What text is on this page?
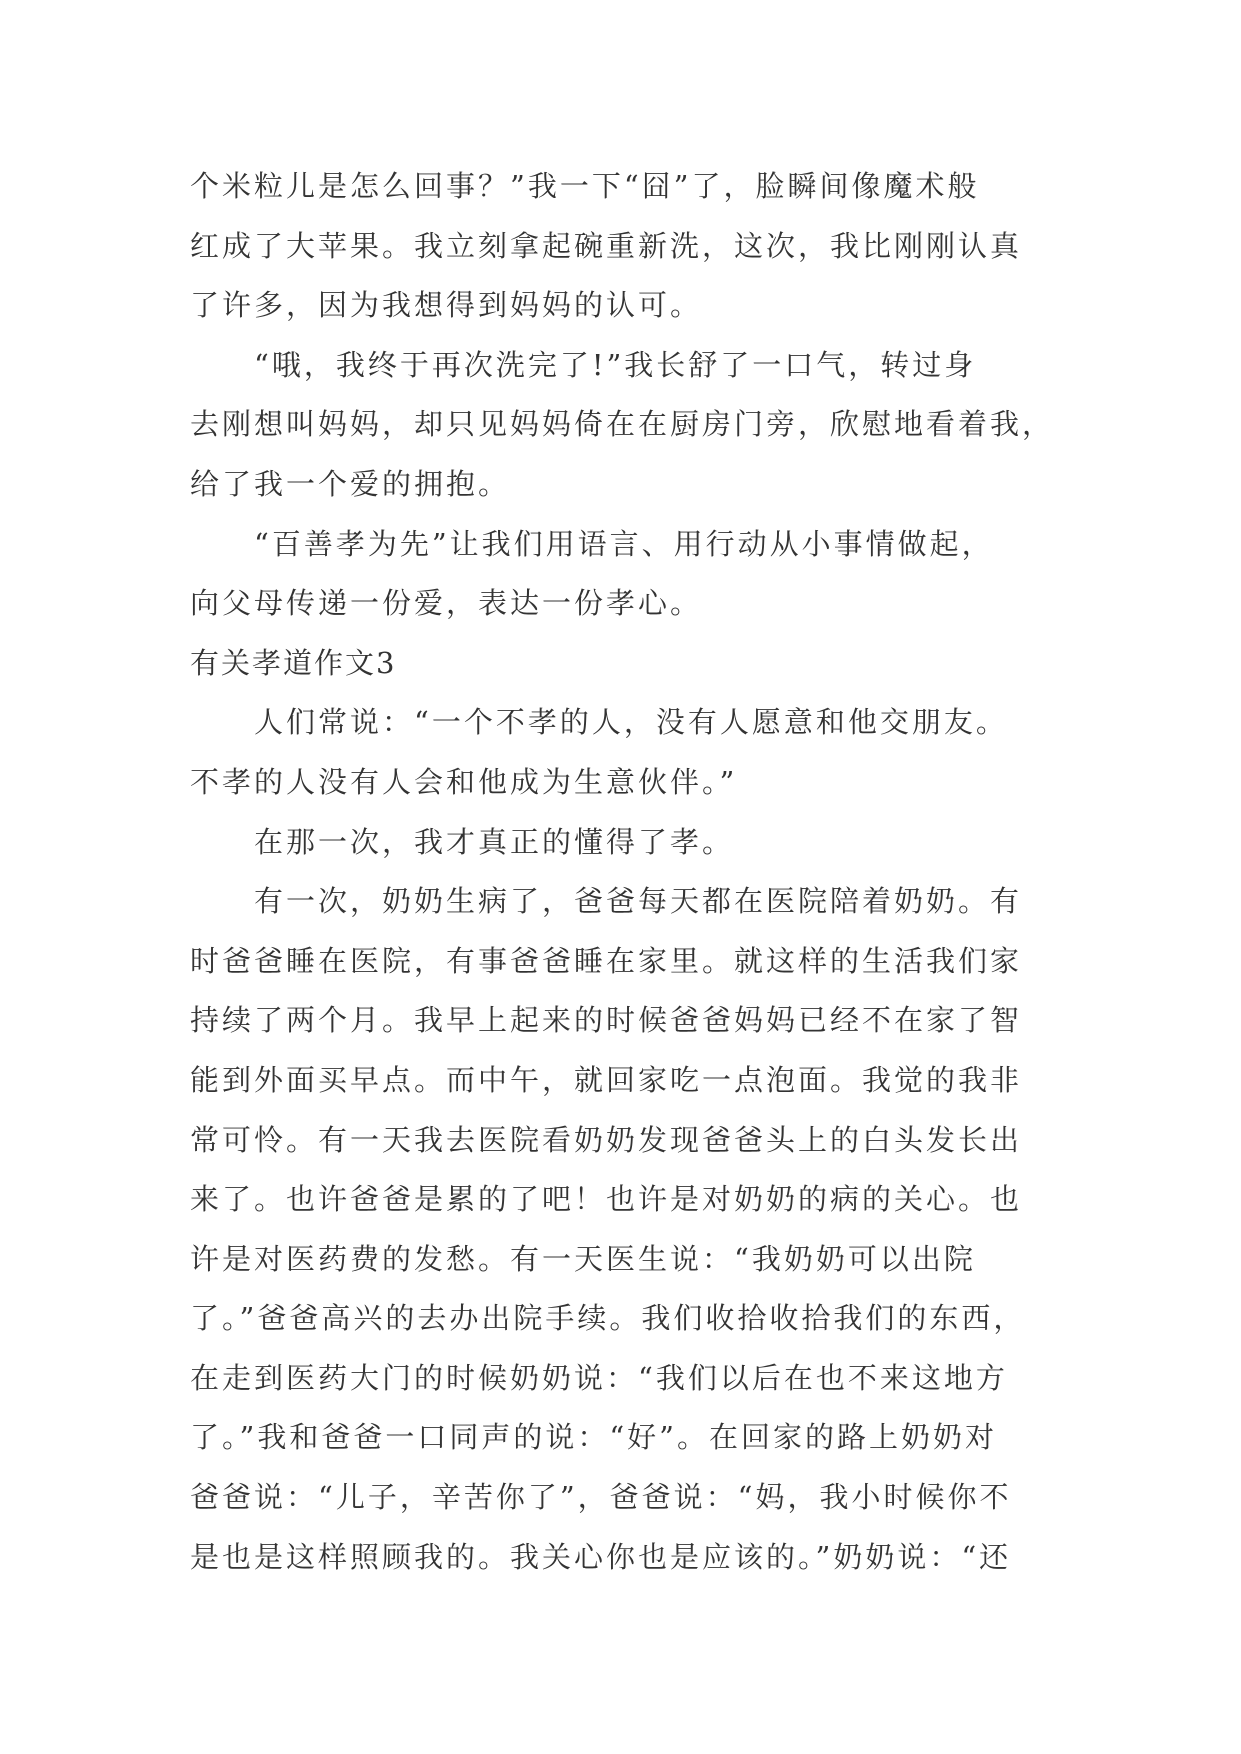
个米粒儿是怎么回事？”我一下“囧”了，脸瞬间像魔术般
红成了大苹果。我立刻拿起碗重新洗，这次，我比刚刚认真
了许多，因为我想得到妈妈的认可。
“哦，我终于再次洗完了!”我长舒了一口气，转过身
去刚想叫妈妈，却只见妈妈倚在在厨房门旁，欣慰地看着我，
给了我一个爱的拥抱。
“百善孝为先”让我们用语言、用行动从小事情做起，
向父母传递一份爱，表达一份孝心。
有关孝道作文3
人们常说：“一个不孝的人，没有人愿意和他交朋友。
不孝的人没有人会和他成为生意伙伴。”
在那一次，我才真正的懂得了孝。
有一次，奶奶生病了，爸爸每天都在医院陪着奶奶。有
时爸爸睡在医院，有事爸爸睡在家里。就这样的生活我们家
持续了两个月。我早上起来的时候爸爸妈妈已经不在家了智
能到外面买早点。而中午，就回家吃一点泡面。我觉的我非
常可怜。有一天我去医院看奶奶发现爸爸头上的白头发长出
来了。也许爸爸是累的了吧！也许是对奶奶的病的关心。也
许是对医药费的发愁。有一天医生说：“我奶奶可以出院
了。”爸爸高兴的去办出院手续。我们收拾收拾我们的东西，
在走到医药大门的时候奶奶说：“我们以后在也不来这地方
了。”我和爸爸一口同声的说：“好”。在回家的路上奶奶对
爸爸说：“儿子，辛苦你了”，爸爸说：“妈，我小时候你不
是也是这样照顾我的。我关心你也是应该的。”奶奶说：“还
